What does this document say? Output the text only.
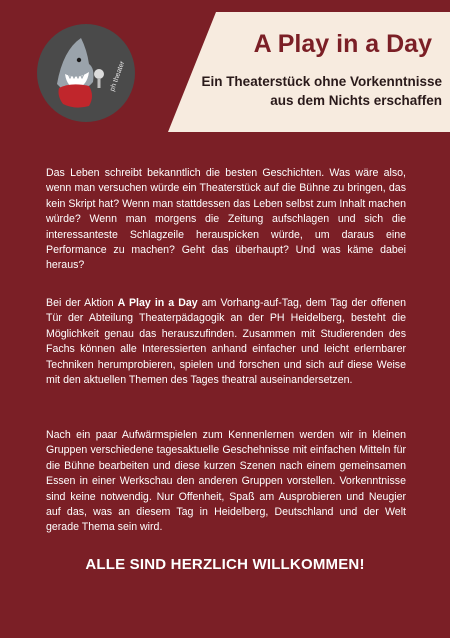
A Play in a Day

Ein Theaterstück ohne Vorkenntnisse
aus dem Nichts erschaffen

ph theater

Das Leben schreibt bekanntlich die besten Geschichten. Was wäre also, wenn man versuchen würde ein Theaterstück auf die Bühne zu bringen, das kein Skript hat? Wenn man stattdessen das Leben selbst zum Inhalt machen würde? Wenn man morgens die Zeitung aufschlagen und sich die interessanteste Schlagzeile herauspicken würde, um daraus eine Performance zu machen? Geht das überhaupt? Und was käme dabei heraus?

Bei der Aktion A Play in a Day am Vorhang-auf-Tag, dem Tag der offenen Tür der Abteilung Theaterpädagogik an der PH Heidelberg, besteht die Möglichkeit genau das herauszufinden. Zusammen mit Studierenden des Fachs können alle Interessierten anhand einfacher und leicht erlernbarer Techniken herumprobieren, spielen und forschen und sich auf diese Weise mit den aktuellen Themen des Tages theatral auseinandersetzen.

Nach ein paar Aufwärmspielen zum Kennenlernen werden wir in kleinen Gruppen verschiedene tagesaktuelle Geschehnisse mit einfachen Mitteln für die Bühne bearbeiten und diese kurzen Szenen nach einem gemeinsamen Essen in einer Werkschau den anderen Gruppen vorstellen. Vorkenntnisse sind keine notwendig. Nur Offenheit, Spaß am Ausprobieren und Neugier auf das, was an diesem Tag in Heidelberg, Deutschland und der Welt gerade Thema sein wird.

ALLE SIND HERZLICH WILLKOMMEN!
